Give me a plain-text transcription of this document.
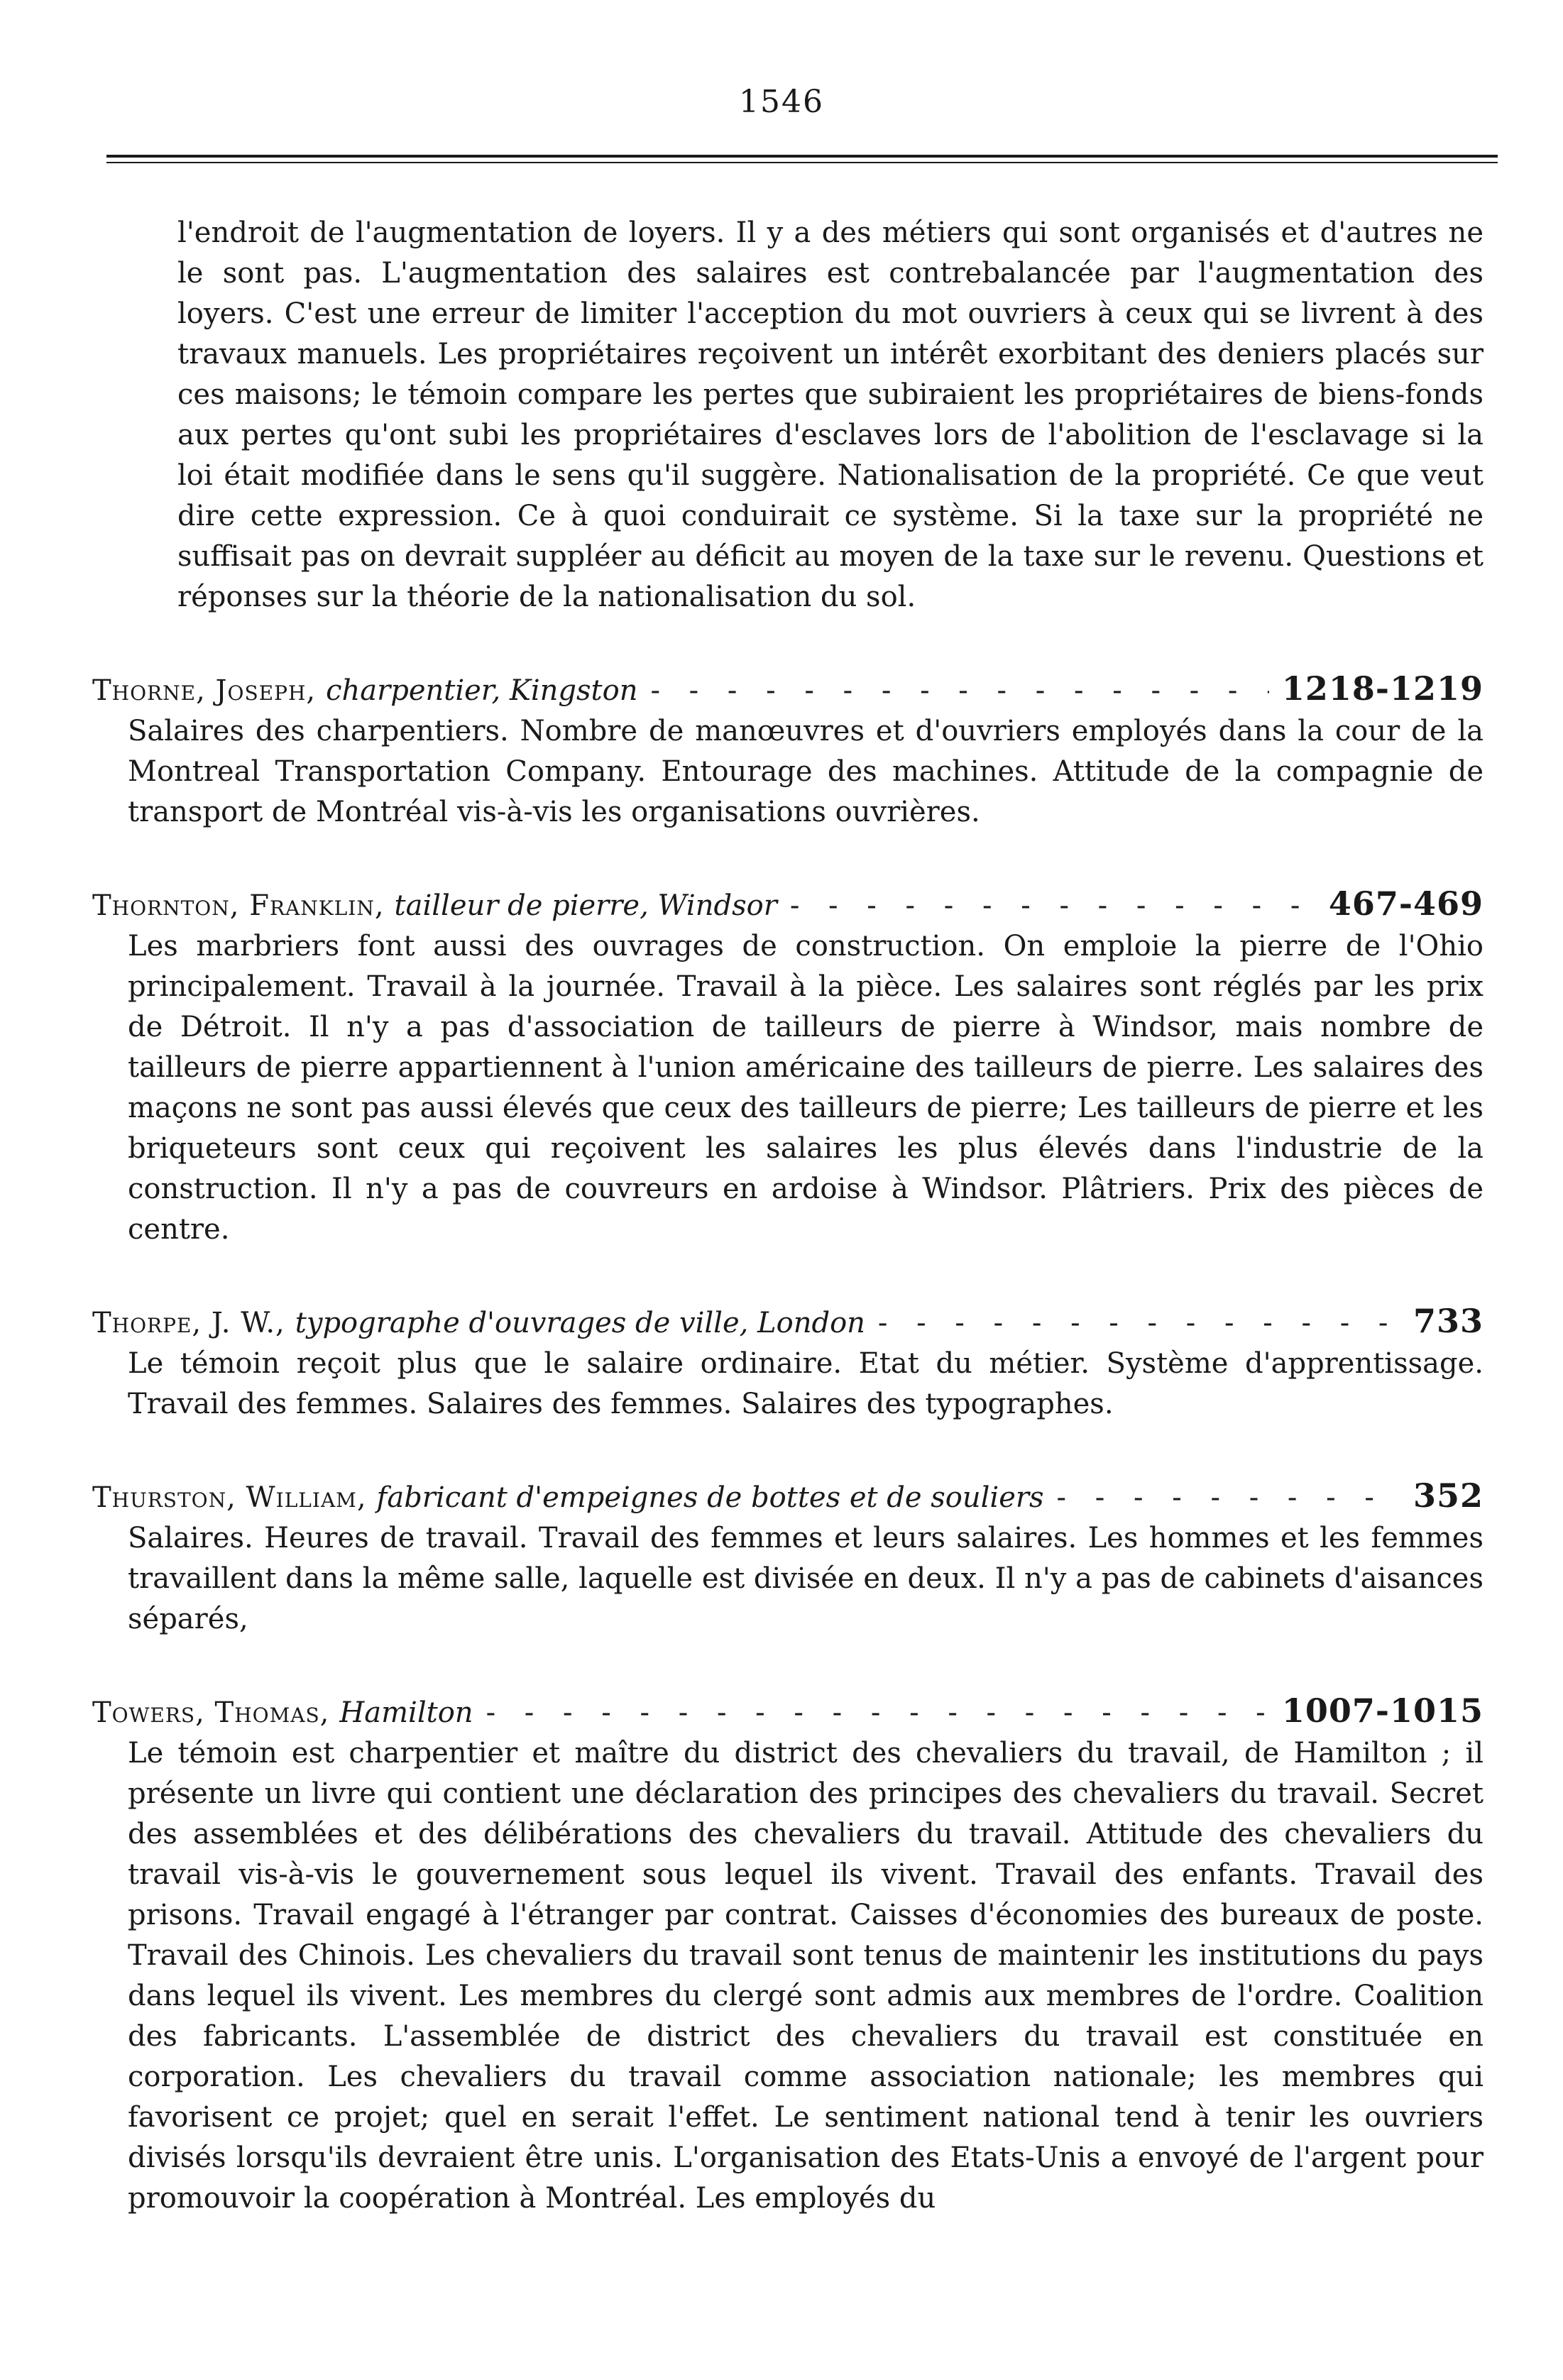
1546

l'endroit de l'augmentation de loyers. Il y a des métiers qui sont organisés et d'autres ne le sont pas. L'augmentation des salaires est contrebalancée par l'augmentation des loyers. C'est une erreur de limiter l'acception du mot ouvriers à ceux qui se livrent à des travaux manuels. Les propriétaires reçoivent un intérêt exorbitant des deniers placés sur ces maisons; le témoin compare les pertes que subiraient les propriétaires de biens-fonds aux pertes qu'ont subi les propriétaires d'esclaves lors de l'abolition de l'esclavage si la loi était modifiée dans le sens qu'il suggère. Nationalisation de la propriété. Ce que veut dire cette expression. Ce à quoi conduirait ce système. Si la taxe sur la propriété ne suffisait pas on devrait suppléer au déficit au moyen de la taxe sur le revenu. Questions et réponses sur la théorie de la nationalisation du sol.

Thorne, Joseph, charpentier, Kingston - - -	1218-1219

Salaires des charpentiers. Nombre de manœuvres et d'ouvriers employés dans la cour de la Montreal Transportation Company. Entourage des machines. Attitude de la compagnie de transport de Montréal vis-à-vis les organisations ouvrières.

Thornton, Franklin, tailleur de pierre, Windsor - - -	467-469

Les marbriers font aussi des ouvrages de construction. On emploie la pierre de l'Ohio principalement. Travail à la journée. Travail à la pièce. Les salaires sont réglés par les prix de Détroit. Il n'y a pas d'association de tailleurs de pierre à Windsor, mais nombre de tailleurs de pierre appartiennent à l'union américaine des tailleurs de pierre. Les salaires des maçons ne sont pas aussi élevés que ceux des tailleurs de pierre; Les tailleurs de pierre et les briqueteurs sont ceux qui reçoivent les salaires les plus élevés dans l'industrie de la construction. Il n'y a pas de couvreurs en ardoise à Windsor. Plâtriers. Prix des pièces de centre.

Thorpe, J. W., typographe d'ouvrages de ville, London - - -	733

Le témoin reçoit plus que le salaire ordinaire. Etat du métier. Système d'apprentissage. Travail des femmes. Salaires des femmes. Salaires des typographes.

Thurston, William, fabricant d'empeignes de bottes et de souliers - - -	352

Salaires. Heures de travail. Travail des femmes et leurs salaires. Les hommes et les femmes travaillent dans la même salle, laquelle est divisée en deux. Il n'y a pas de cabinets d'aisances séparés,

Towers, Thomas, Hamilton - - -	1007-1015

Le témoin est charpentier et maître du district des chevaliers du travail, de Hamilton ; il présente un livre qui contient une déclaration des principes des chevaliers du travail. Secret des assemblées et des délibérations des chevaliers du travail. Attitude des chevaliers du travail vis-à-vis le gouvernement sous lequel ils vivent. Travail des enfants. Travail des prisons. Travail engagé à l'étranger par contrat. Caisses d'économies des bureaux de poste. Travail des Chinois. Les chevaliers du travail sont tenus de maintenir les institutions du pays dans lequel ils vivent. Les membres du clergé sont admis aux membres de l'ordre. Coalition des fabricants. L'assemblée de district des chevaliers du travail est constituée en corporation. Les chevaliers du travail comme association nationale; les membres qui favorisent ce projet; quel en serait l'effet. Le sentiment national tend à tenir les ouvriers divisés lorsqu'ils devraient être unis. L'organisation des Etats-Unis a envoyé de l'argent pour promouvoir la coopération à Montréal. Les employés du
